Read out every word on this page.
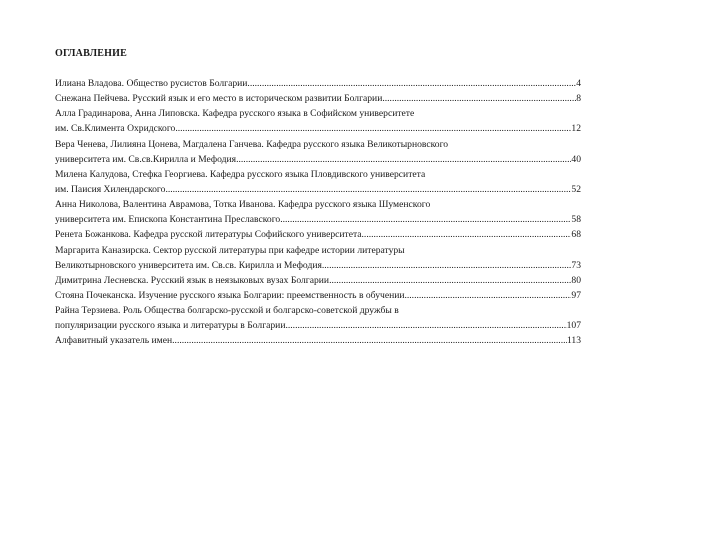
ОГЛАВЛЕНИЕ
Илиана Владова. Общество русистов Болгарии .....	4
Снежана Пейчева. Русский язык и его место в историческом развитии Болгарии .....	8
Алла Градинарова, Анна Липовска. Кафедра русского языка в Софийском университете
им. Св.Климента Охридского .....	12
Вера Ченева, Лилияна Цонева, Магдалена Ганчева. Кафедра русского языка Великотырновского
университета им. Св.св.Кирилла и Мефодия .....	40
Милена Калудова, Стефка Георгиева. Кафедра русского языка Пловдивского университета
им. Паисия Хилендарского .....	52
Анна Николова, Валентина Аврамова, Тотка Иванова. Кафедра русского языка Шуменского
университета им. Епископа Константина Преславского .....	58
Ренета Божанкова. Кафедра русской литературы Софийского университета .....	68
Маргарита Каназирска. Сектор русской литературы при кафедре истории литературы
Великотырновского университета им. Св.св. Кирилла и Мефодия .....	73
Димитрина Лесневска. Русский язык в неязыковых вузах Болгарии .....	80
Стоянa Почеканска. Изучение русского языка Болгарии: преемственность в обучении .....	97
Райна Терзиева. Роль Общества болгарско-русской и болгарско-советской дружбы в
популяризации русского языка и литературы в Болгарии .....	107
Алфавитный указатель имен .....	113
